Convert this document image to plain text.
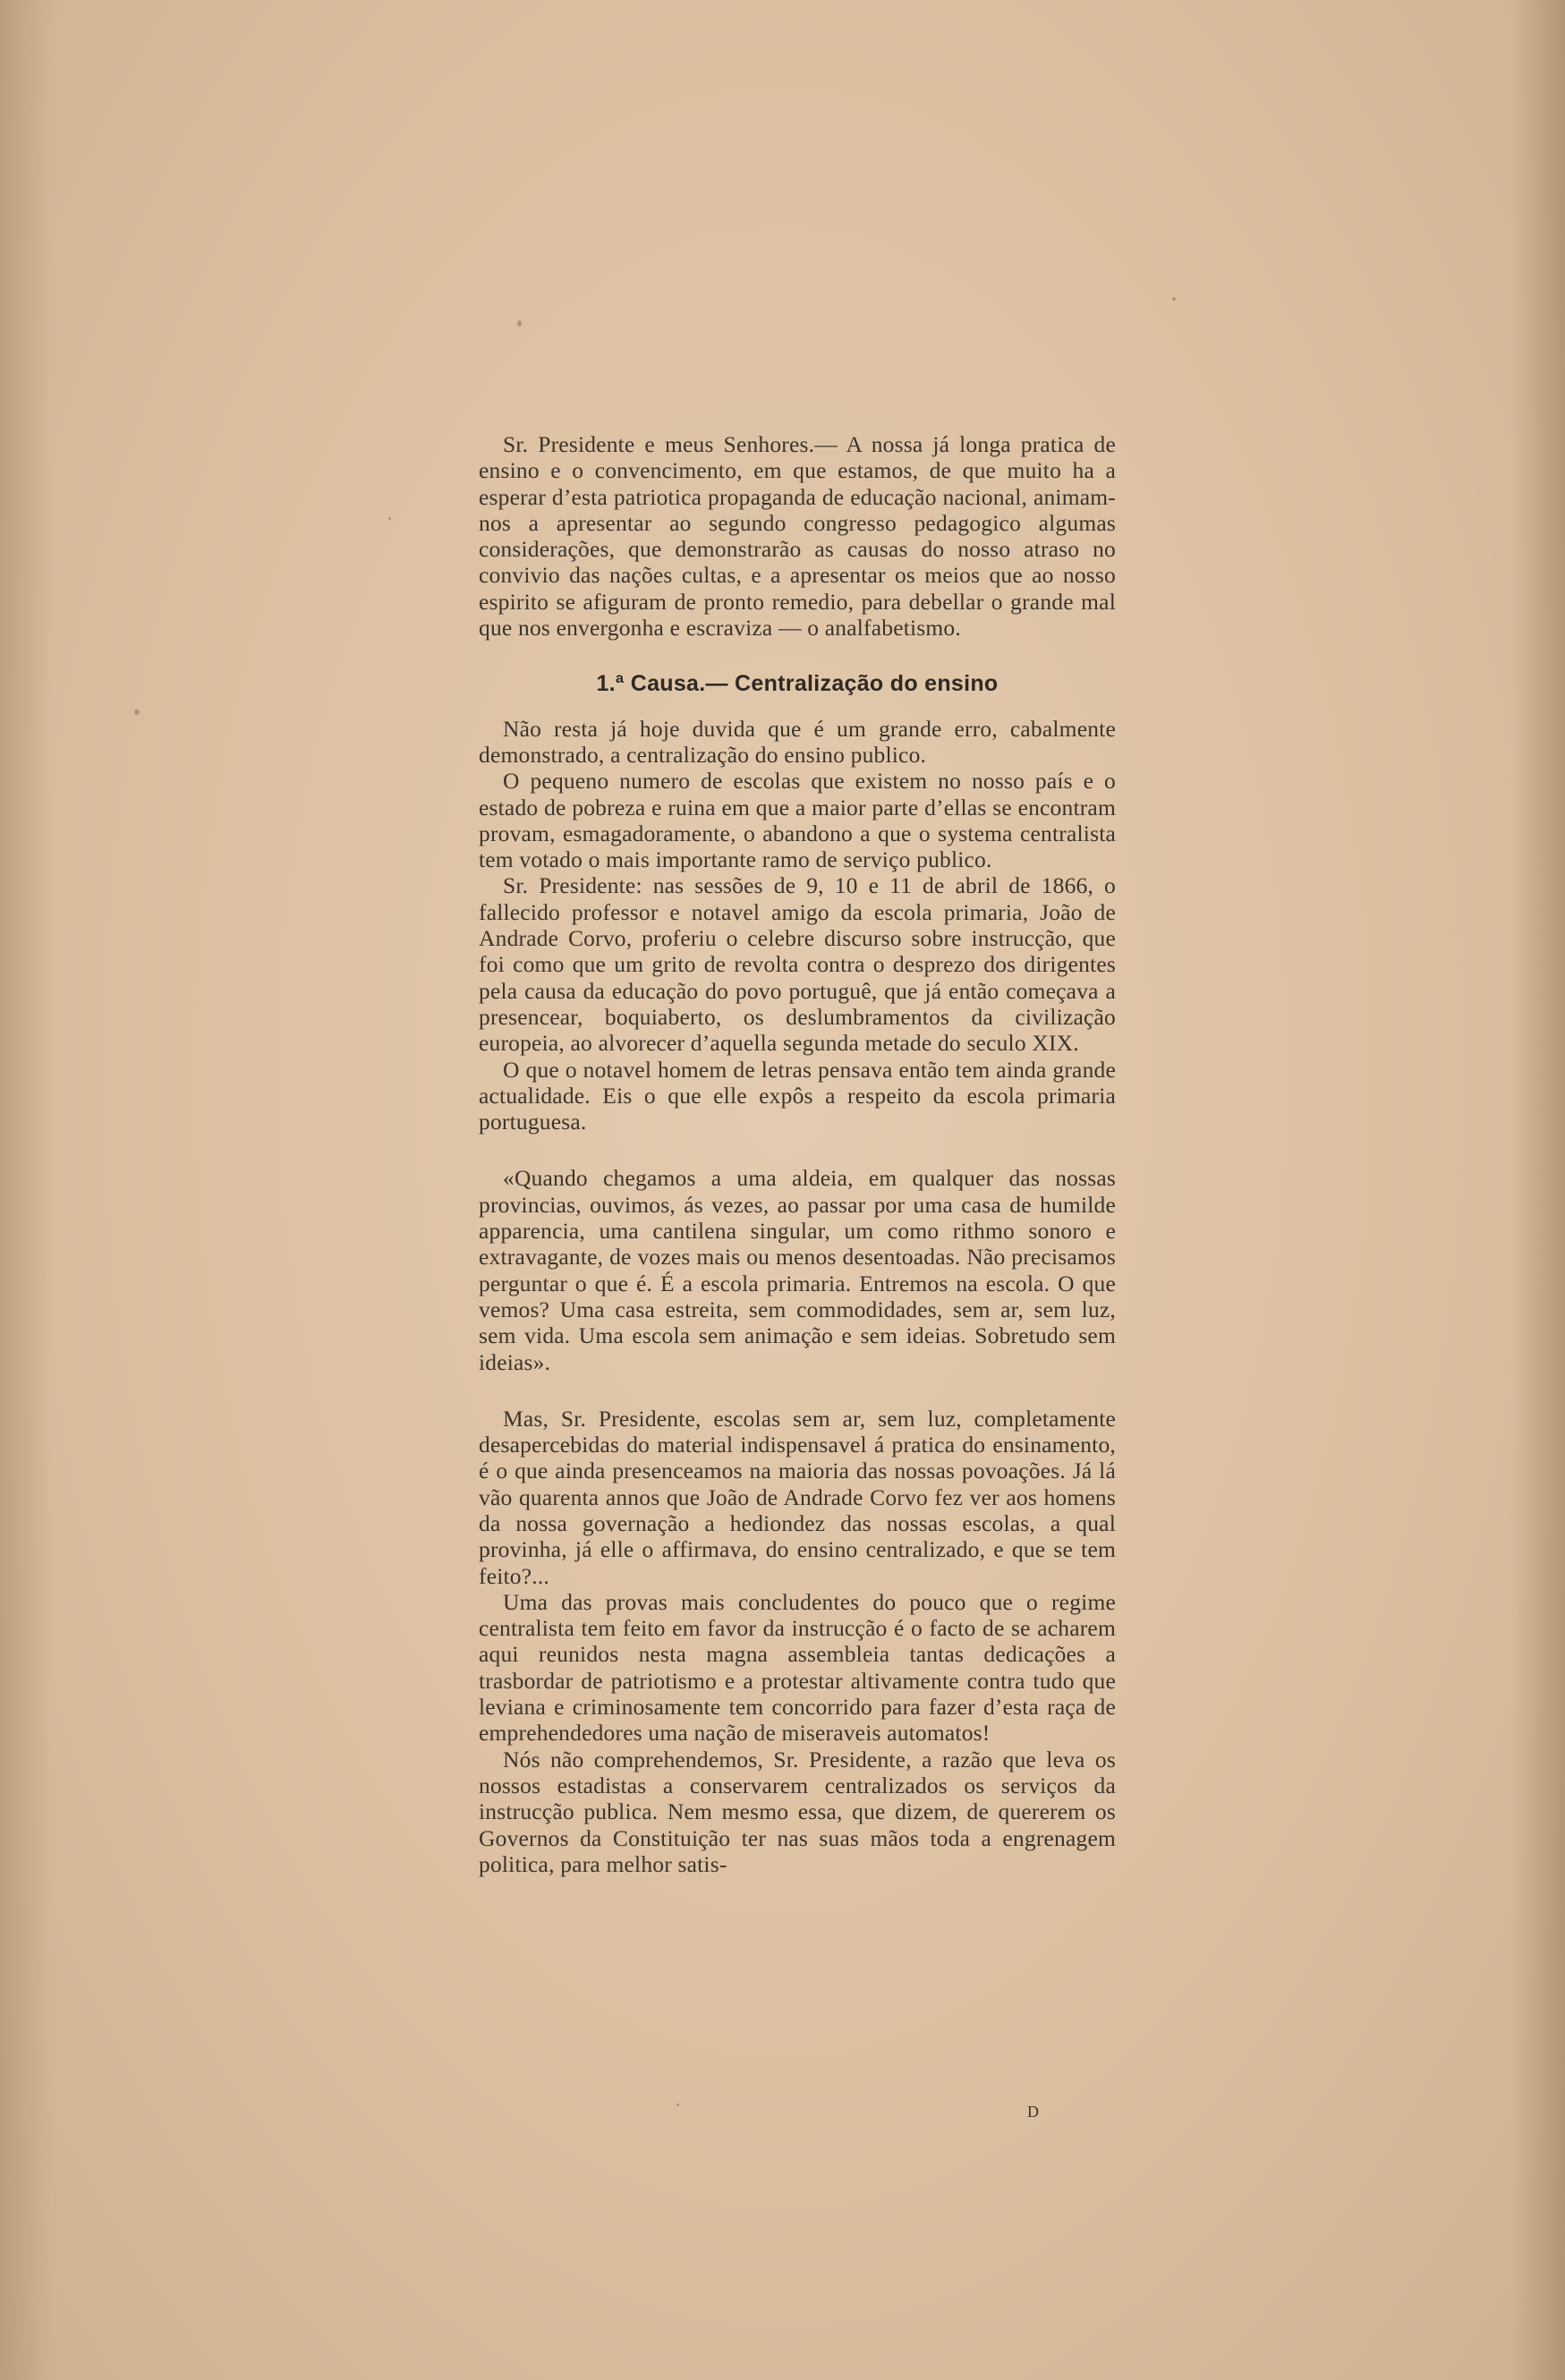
Sr. Presidente e meus Senhores.— A nossa já longa pratica de ensino e o convencimento, em que estamos, de que muito ha a esperar d’esta patriotica propaganda de educação nacional, animam-nos a apresentar ao segundo congresso pedagogico algumas considerações, que demonstrarão as causas do nosso atraso no convivio das nações cultas, e a apresentar os meios que ao nosso espirito se afiguram de pronto remedio, para debellar o grande mal que nos envergonha e escraviza — o analfabetismo.

1.ª Causa.— Centralização do ensino

Não resta já hoje duvida que é um grande erro, cabalmente demonstrado, a centralização do ensino publico.

O pequeno numero de escolas que existem no nosso país e o estado de pobreza e ruina em que a maior parte d’ellas se encontram provam, esmagadoramente, o abandono a que o systema centralista tem votado o mais importante ramo de serviço publico.

Sr. Presidente: nas sessões de 9, 10 e 11 de abril de 1866, o fallecido professor e notavel amigo da escola primaria, João de Andrade Corvo, proferiu o celebre discurso sobre instrucção, que foi como que um grito de revolta contra o desprezo dos dirigentes pela causa da educação do povo portuguê, que já então começava a presencear, boquiaberto, os deslumbramentos da civilização europeia, ao alvorecer d’aquella segunda metade do seculo XIX.

O que o notavel homem de letras pensava então tem ainda grande actualidade. Eis o que elle expôs a respeito da escola primaria portuguesa.

«Quando chegamos a uma aldeia, em qualquer das nossas provincias, ouvimos, ás vezes, ao passar por uma casa de humilde apparencia, uma cantilena singular, um como rithmo sonoro e extravagante, de vozes mais ou menos desentoadas. Não precisamos perguntar o que é. É a escola primaria. Entremos na escola. O que vemos? Uma casa estreita, sem commodidades, sem ar, sem luz, sem vida. Uma escola sem animação e sem ideias. Sobretudo sem ideias».

Mas, Sr. Presidente, escolas sem ar, sem luz, completamente desapercebidas do material indispensavel á pratica do ensinamento, é o que ainda presenceamos na maioria das nossas povoações. Já lá vão quarenta annos que João de Andrade Corvo fez ver aos homens da nossa governação a hediondez das nossas escolas, a qual provinha, já elle o affirmava, do ensino centralizado, e que se tem feito?...

Uma das provas mais concludentes do pouco que o regime centralista tem feito em favor da instrucção é o facto de se acharem aqui reunidos nesta magna assembleia tantas dedicações a trasbordar de patriotismo e a protestar altivamente contra tudo que leviana e criminosamente tem concorrido para fazer d’esta raça de emprehendedores uma nação de miseraveis automatos!

Nós não comprehendemos, Sr. Presidente, a razão que leva os nossos estadistas a conservarem centralizados os serviços da instrucção publica. Nem mesmo essa, que dizem, de quererem os Governos da Constituição ter nas suas mãos toda a engrenagem politica, para melhor satis-

D
